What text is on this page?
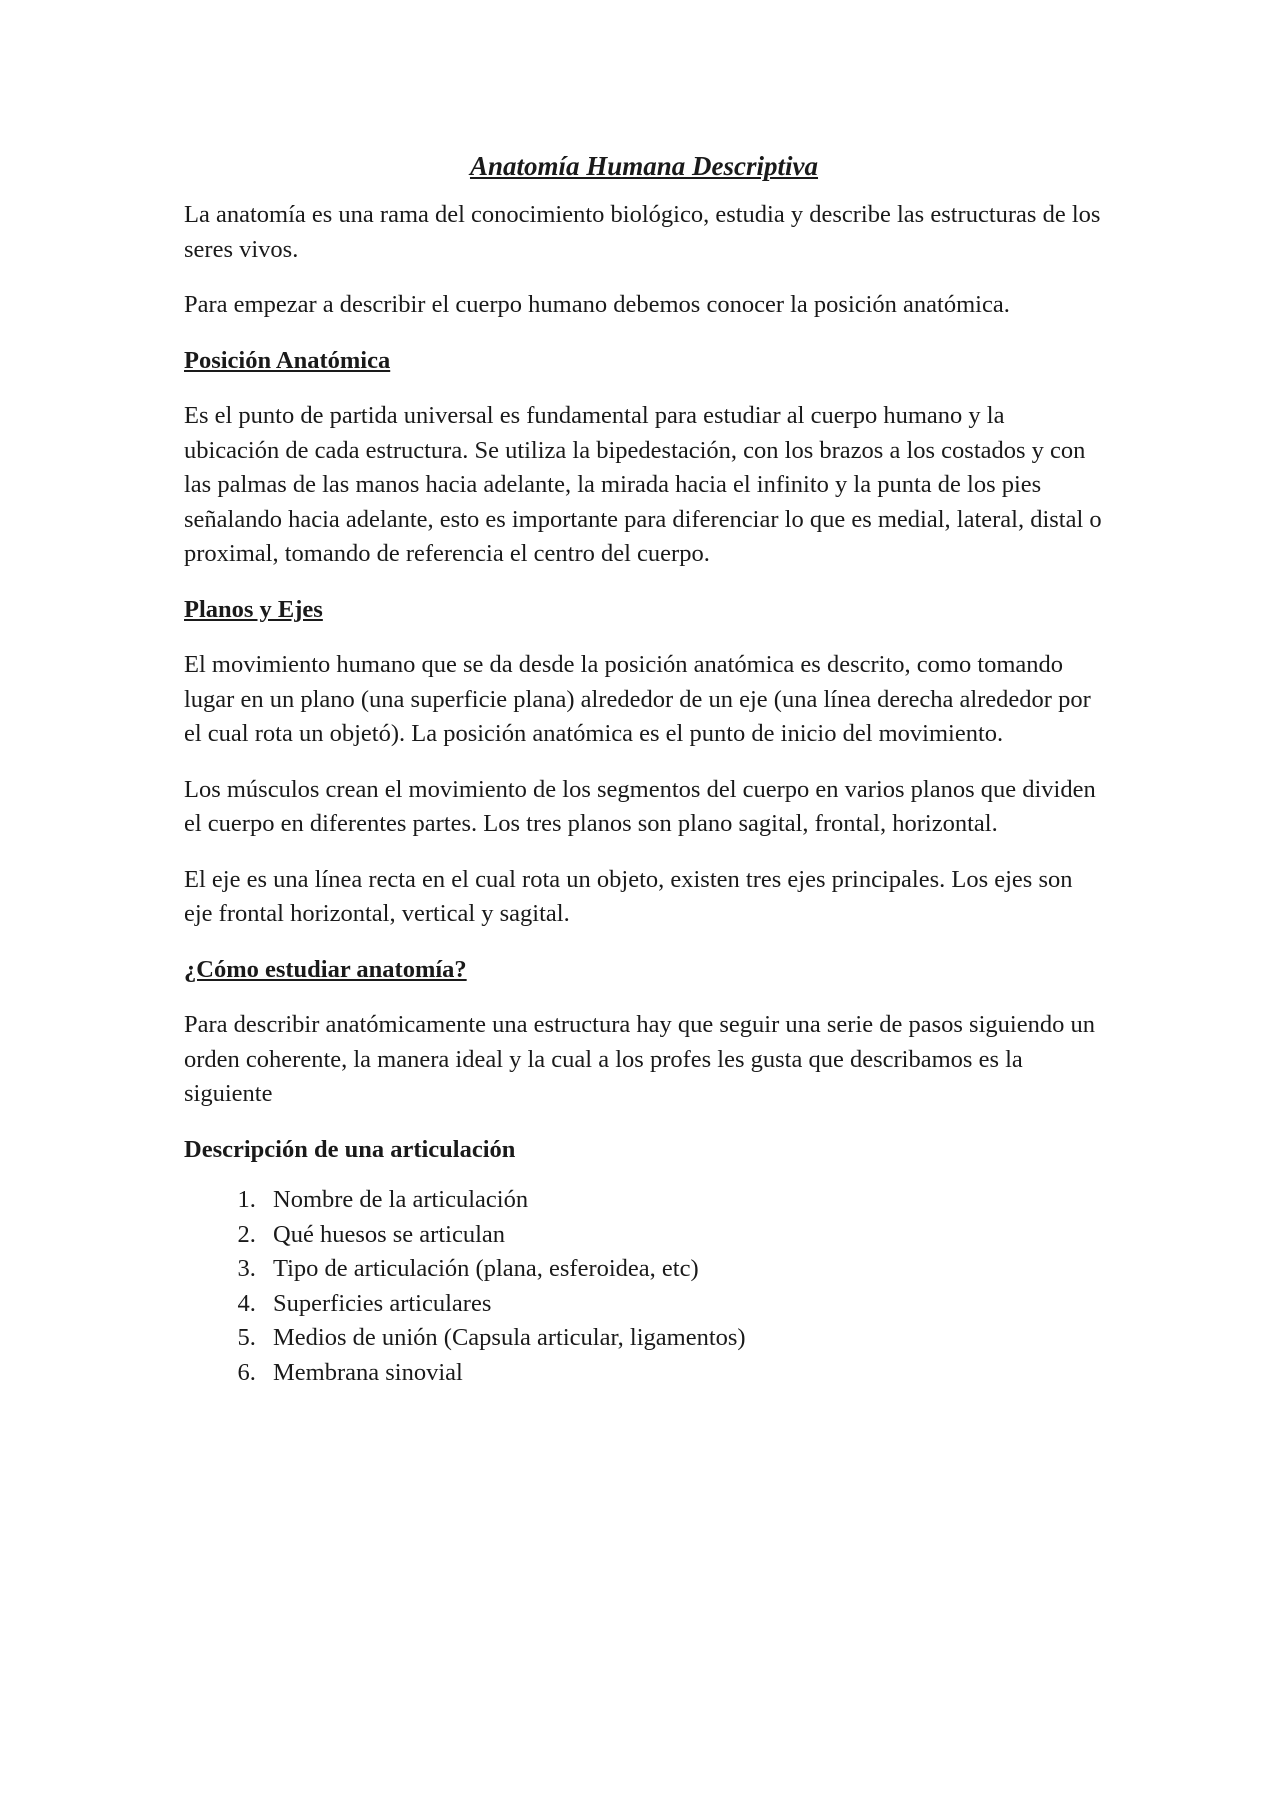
Anatomía Humana Descriptiva

La anatomía es una rama del conocimiento biológico, estudia y describe las estructuras de los seres vivos.

Para empezar a describir el cuerpo humano debemos conocer la posición anatómica.

Posición Anatómica

Es el punto de partida universal es fundamental para estudiar al cuerpo humano y la ubicación de cada estructura. Se utiliza la bipedestación, con los brazos a los costados y con las palmas de las manos hacia adelante, la mirada hacia el infinito y la punta de los pies señalando hacia adelante, esto es importante para diferenciar lo que es medial, lateral, distal o proximal, tomando de referencia el centro del cuerpo.

Planos y Ejes

El movimiento humano que se da desde la posición anatómica es descrito, como tomando lugar en un plano (una superficie plana) alrededor de un eje (una línea derecha alrededor por el cual rota un objetó). La posición anatómica es el punto de inicio del movimiento.

Los músculos crean el movimiento de los segmentos del cuerpo en varios planos que dividen el cuerpo en diferentes partes. Los tres planos son plano sagital, frontal, horizontal.

El eje es una línea recta en el cual rota un objeto, existen tres ejes principales. Los ejes son eje frontal horizontal, vertical y sagital.

¿Cómo estudiar anatomía?

Para describir anatómicamente una estructura hay que seguir una serie de pasos siguiendo un orden coherente, la manera ideal y la cual a los profes les gusta que describamos es la siguiente

Descripción de una articulación
1. Nombre de la articulación
2. Qué huesos se articulan
3. Tipo de articulación (plana, esferoidea, etc)
4. Superficies articulares
5. Medios de unión (Capsula articular, ligamentos)
6. Membrana sinovial
